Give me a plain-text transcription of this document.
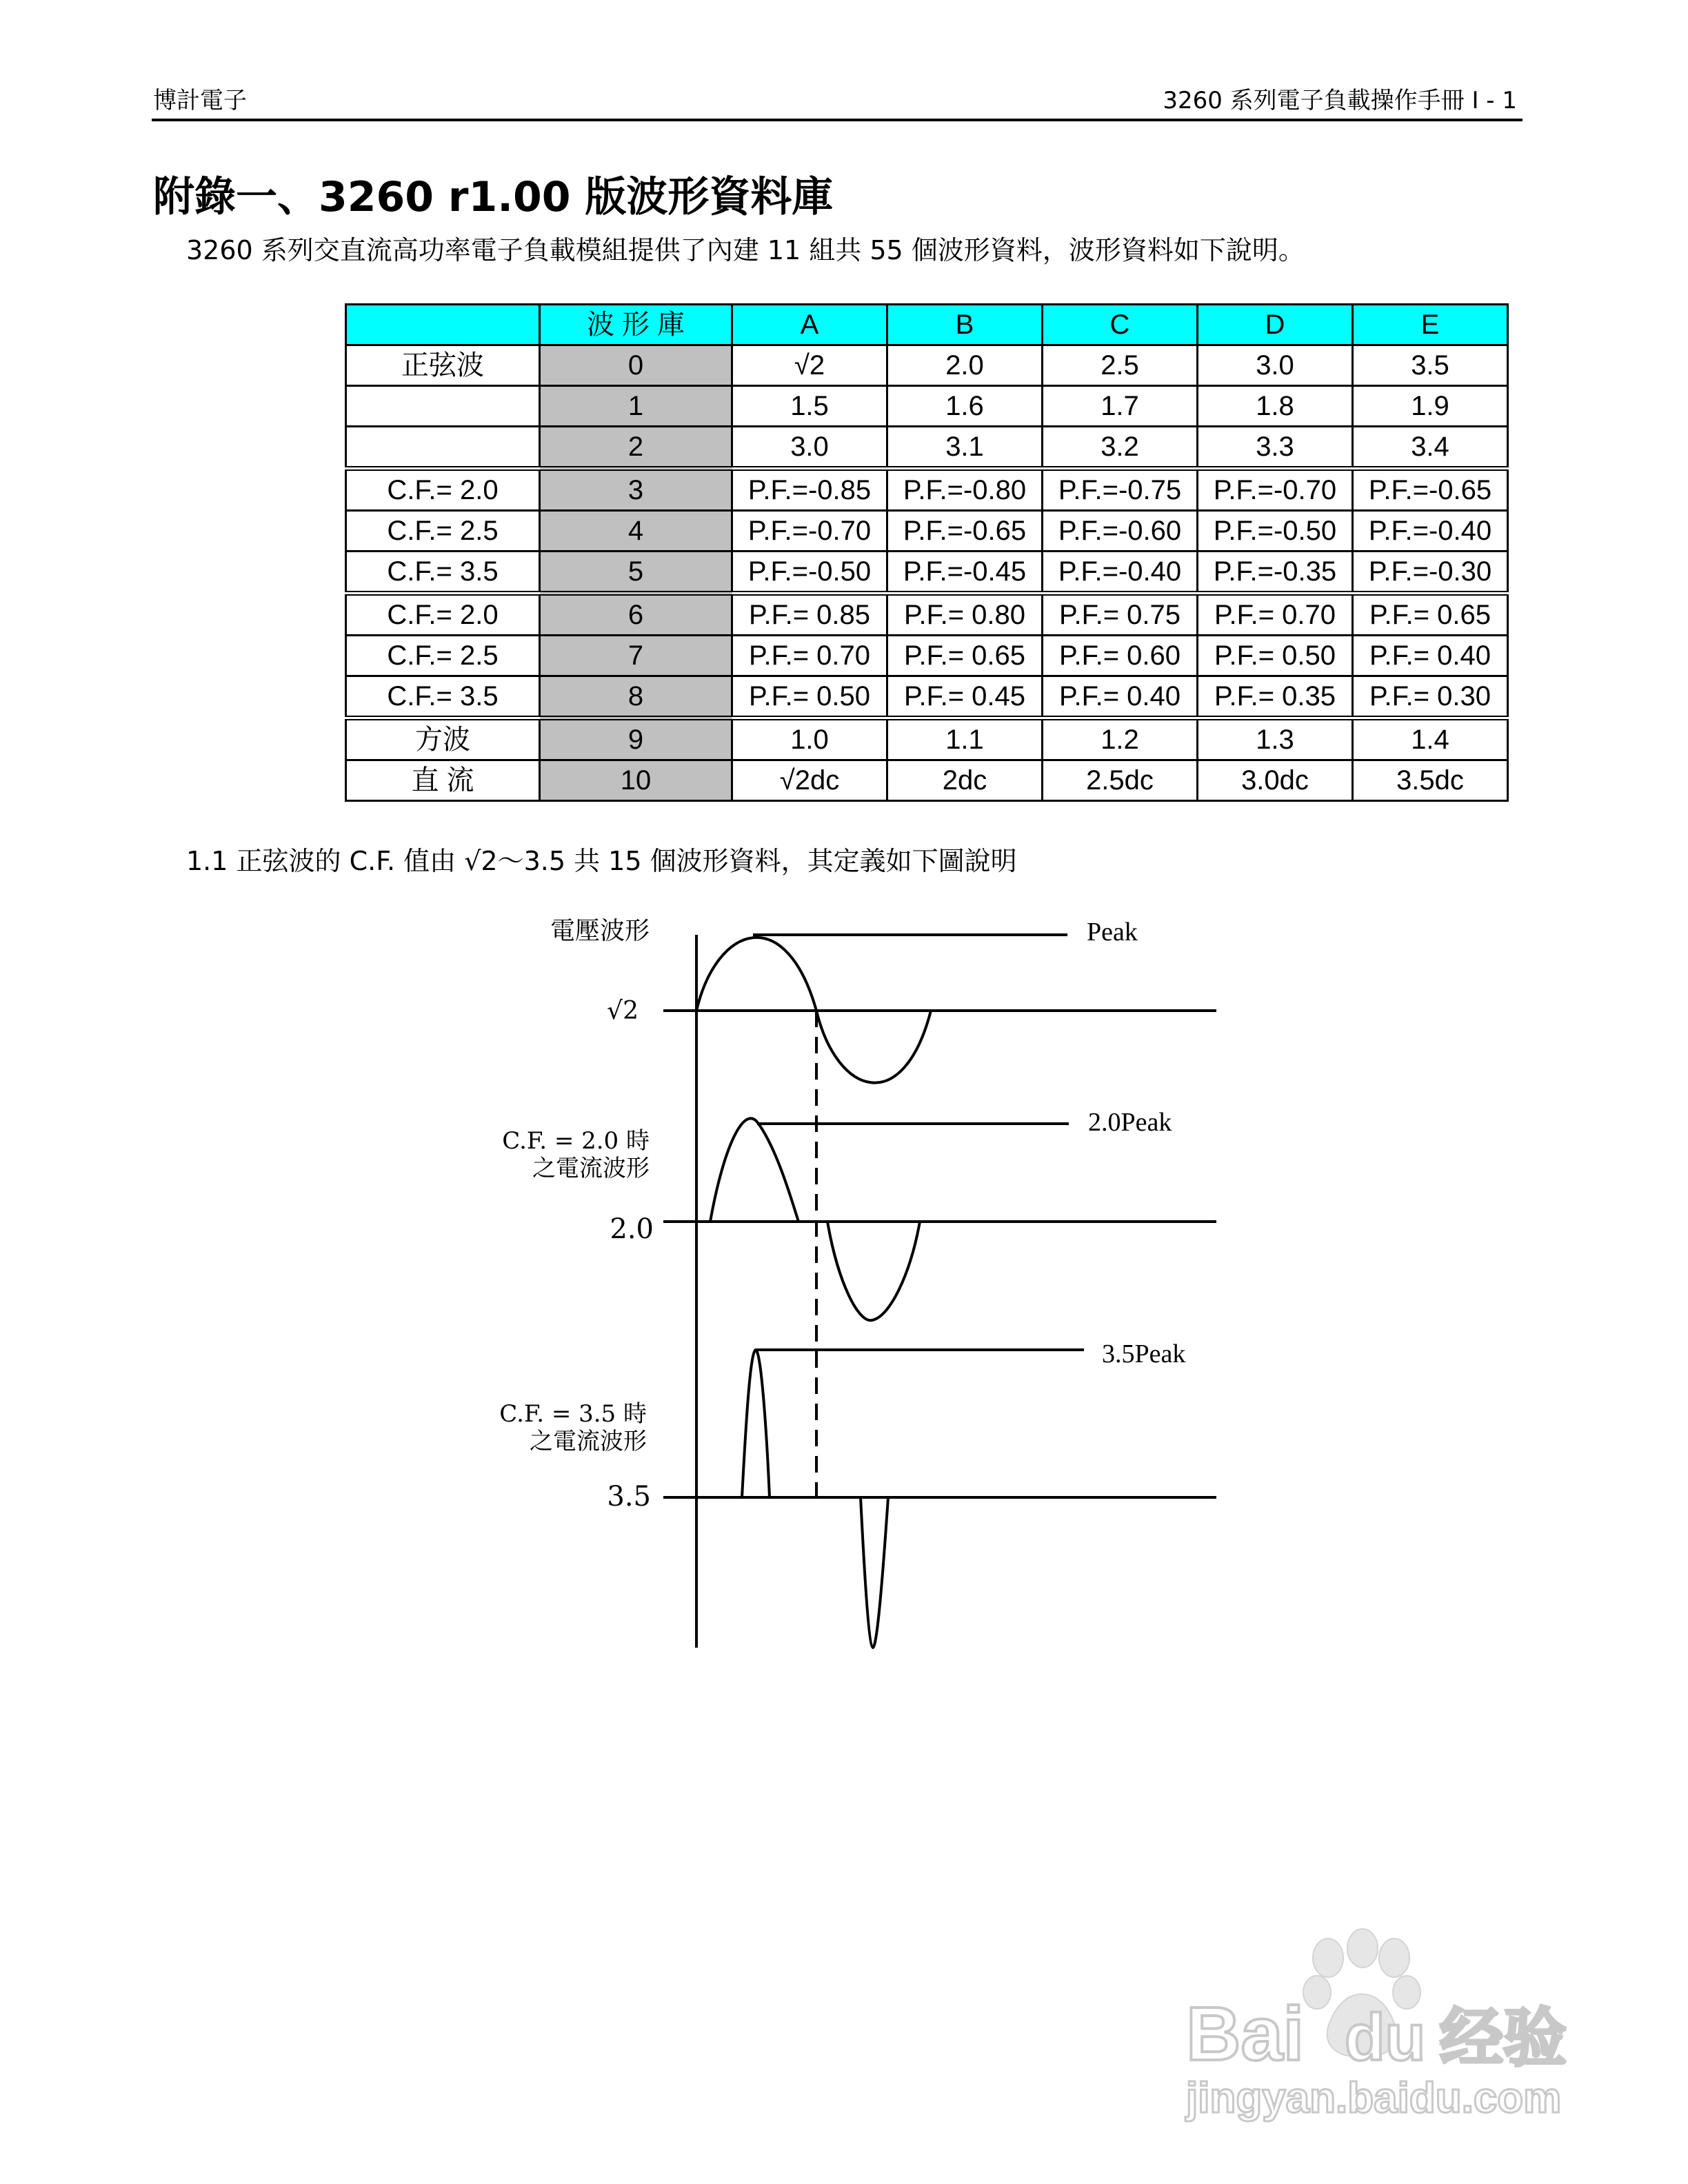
博計電子	3260 系列電子負載操作手冊 I - 1
附錄一、3260 r1.00 版波形資料庫
3260 系列交直流高功率電子負載模組提供了內建 11 組共 55 個波形資料，波形資料如下說明。
	波 形 庫	A	B	C	D	E
正弦波	0	√2	2.0	2.5	3.0	3.5
	1	1.5	1.6	1.7	1.8	1.9
	2	3.0	3.1	3.2	3.3	3.4
C.F.= 2.0	3	P.F.=-0.85	P.F.=-0.80	P.F.=-0.75	P.F.=-0.70	P.F.=-0.65
C.F.= 2.5	4	P.F.=-0.70	P.F.=-0.65	P.F.=-0.60	P.F.=-0.50	P.F.=-0.40
C.F.= 3.5	5	P.F.=-0.50	P.F.=-0.45	P.F.=-0.40	P.F.=-0.35	P.F.=-0.30
C.F.= 2.0	6	P.F.= 0.85	P.F.= 0.80	P.F.= 0.75	P.F.= 0.70	P.F.= 0.65
C.F.= 2.5	7	P.F.= 0.70	P.F.= 0.65	P.F.= 0.60	P.F.= 0.50	P.F.= 0.40
C.F.= 3.5	8	P.F.= 0.50	P.F.= 0.45	P.F.= 0.40	P.F.= 0.35	P.F.= 0.30
方波	9	1.0	1.1	1.2	1.3	1.4
直 流	10	√2dc	2dc	2.5dc	3.0dc	3.5dc
1.1 正弦波的 C.F. 值由 √2～3.5 共 15 個波形資料，其定義如下圖說明
電壓波形
√2
Peak
C.F. = 2.0 時
之電流波形
2.0
2.0Peak
C.F. = 3.5 時
之電流波形
3.5
3.5Peak
Bai du 经验
jingyan.baidu.com
